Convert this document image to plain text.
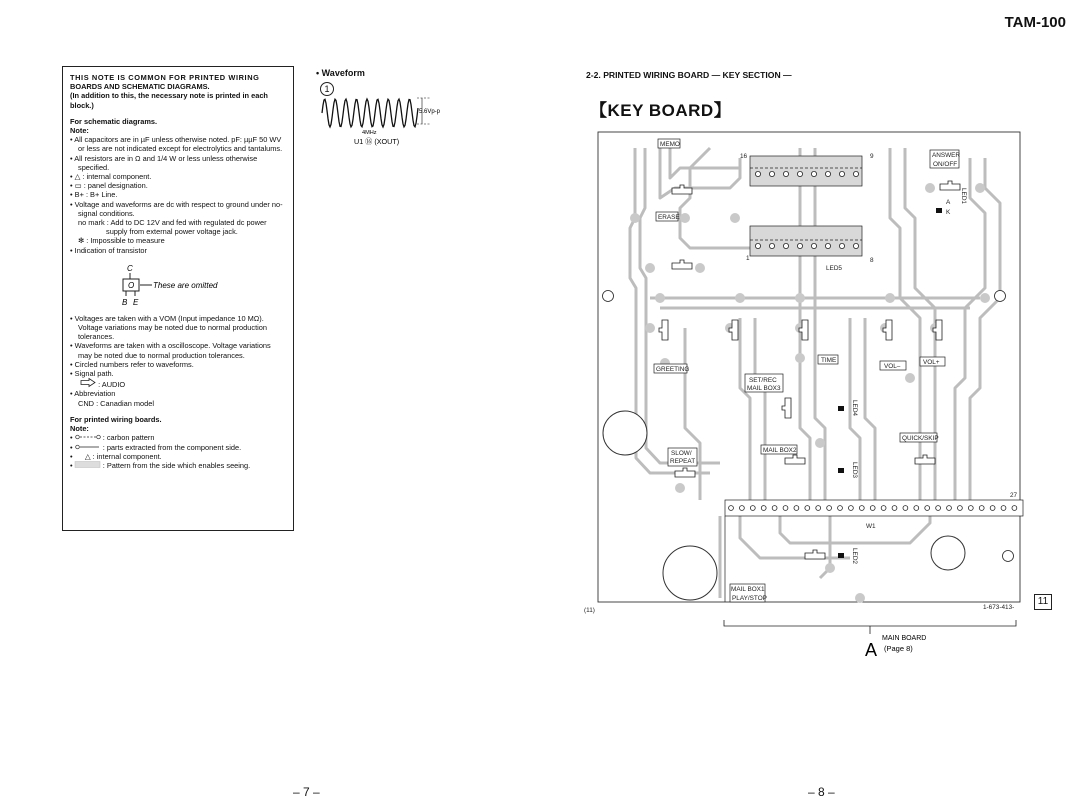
TAM-100
THIS NOTE IS COMMON FOR PRINTED WIRING
BOARDS AND SCHEMATIC DIAGRAMS.
(In addition to this, the necessary note is printed in each block.)
For schematic diagrams.
Note:
• All capacitors are in µF unless otherwise noted. pF: µµF 50 WV or less are not indicated except for electrolytics and tantalums.
• All resistors are in Ω and 1/4 W or less unless otherwise specified.
• △ : internal component.
• ▭ : panel designation.
• B+ : B+ Line.
• Voltage and waveforms are dc with respect to ground under no-signal conditions.
no mark : Add to DC 12V and fed with regulated dc power supply from external power voltage jack.
✻ : Impossible to measure
• Indication of transistor
C
O
B E
These are omitted
• Voltages are taken with a VOM (Input impedance 10 MΩ). Voltage variations may be noted due to normal production tolerances.
• Waveforms are taken with a oscilloscope. Voltage variations may be noted due to normal production tolerances.
• Circled numbers refer to waveforms.
• Signal path.
: AUDIO
• Abbreviation
CND : Canadian model
For printed wiring boards.
Note:
•	: carbon pattern
•	: parts extracted from the component side.
•      △ : internal component.
•	: Pattern from the side which enables seeing.
• Waveform
1
5.6Vp-p
4MHz
U1 ⑯ (XOUT)
2-2. PRINTED WIRING BOARD — KEY SECTION —
【KEY BOARD】
MEMO
ERASE
ANSWER
ON/OFF
GREETING
TIME
VOL–
VOL+
SET/REC
MAIL BOX3
QUICK/SKIP
SLOW/
REPEAT
MAIL BOX2
MAIL BOX1
PLAY/STOP
LED5
16	9
1	8
27
W1
1-673-413-
(11)
A
K
LED1
LED4
LED3
LED2
11
A
MAIN BOARD
(Page 8)
– 7 –	– 8 –
